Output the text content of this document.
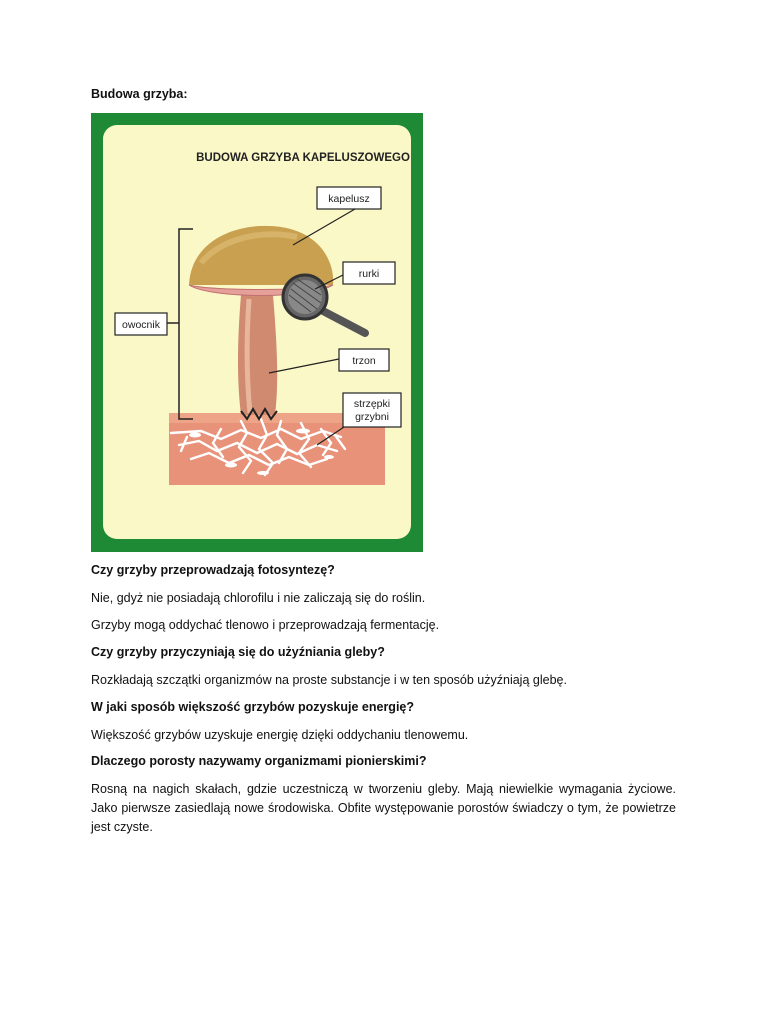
Budowa grzyba:
BUDOWA GRZYBA KAPELUSZOWEGO
kapelusz
rurki
owocnik
trzon
strzępki
grzybni
Czy grzyby przeprowadzają fotosyntezę?
Nie, gdyż nie posiadają chlorofilu i nie zaliczają się do roślin.
Grzyby mogą oddychać tlenowo i przeprowadzają fermentację.
Czy grzyby przyczyniają się do użyźniania gleby?
Rozkładają szczątki organizmów na proste substancje i w ten sposób użyźniają glebę.
W jaki sposób większość grzybów pozyskuje energię?
Większość grzybów uzyskuje energię dzięki oddychaniu tlenowemu.
Dlaczego porosty nazywamy organizmami pionierskimi?
Rosną na nagich skałach, gdzie uczestniczą w tworzeniu gleby. Mają niewielkie wymagania życiowe. Jako pierwsze zasiedlają nowe środowiska. Obfite występowanie porostów świadczy o tym, że powietrze jest czyste.
